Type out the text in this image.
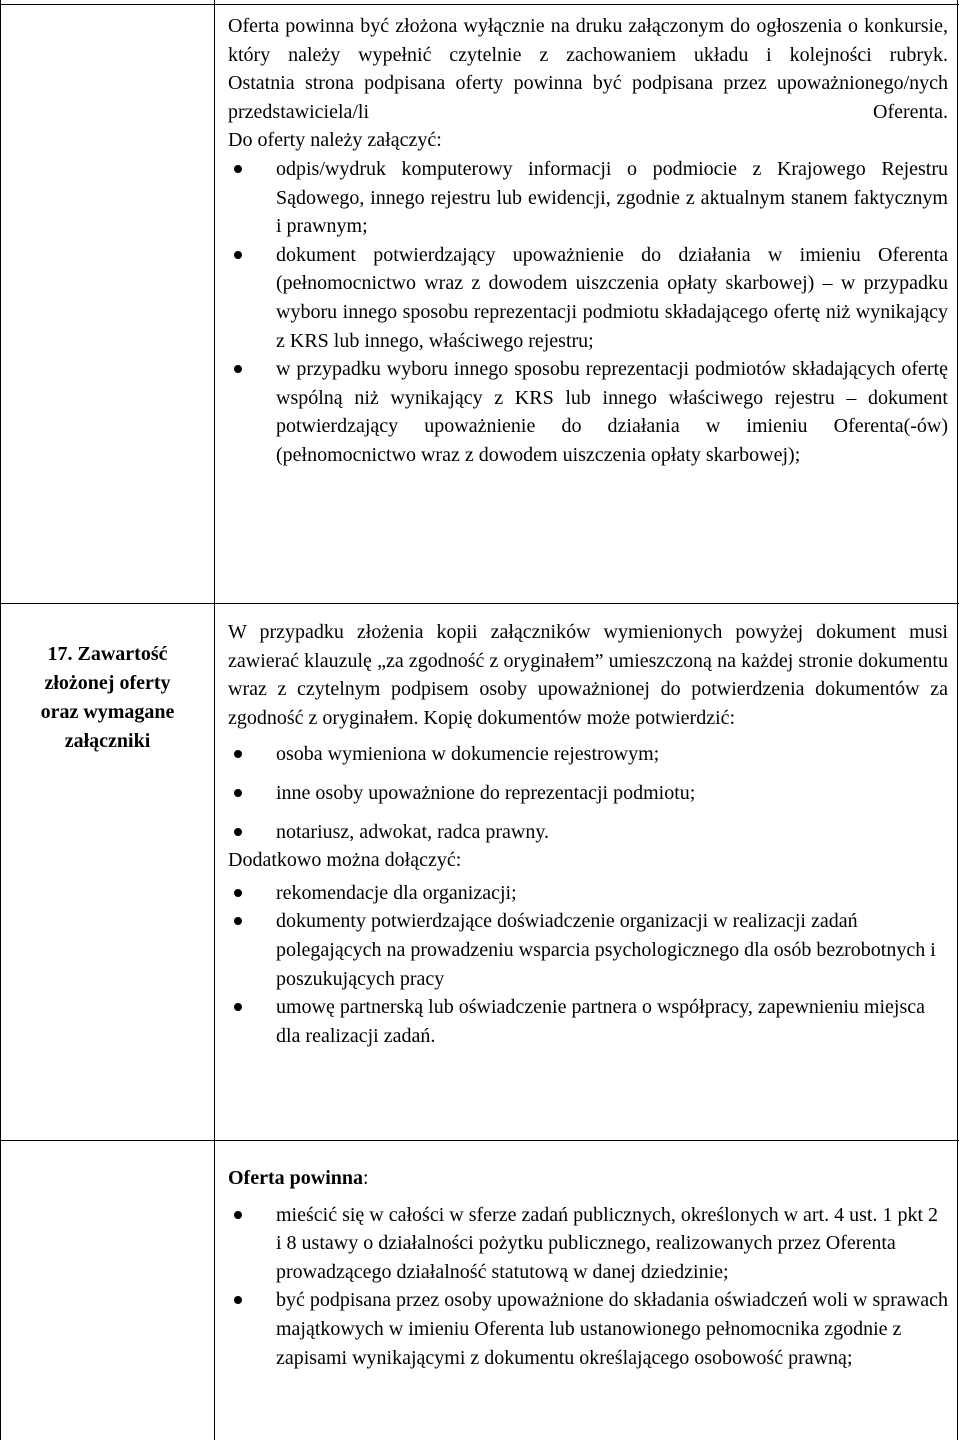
Oferta powinna być złożona wyłącznie na druku załączonym do ogłoszenia o konkursie, który należy wypełnić czytelnie z zachowaniem układu i kolejności rubryk.

Ostatnia strona podpisana oferty powinna być podpisana przez upoważnionego/nych przedstawiciela/li Oferenta.

Do oferty należy załączyć:

odpis/wydruk komputerowy informacji o podmiocie z Krajowego Rejestru Sądowego, innego rejestru lub ewidencji, zgodnie z aktualnym stanem faktycznym i prawnym;
dokument potwierdzający upoważnienie do działania w imieniu Oferenta (pełnomocnictwo wraz z dowodem uiszczenia opłaty skarbowej) – w przypadku wyboru innego sposobu reprezentacji podmiotu składającego ofertę niż wynikający z KRS lub innego, właściwego rejestru;
w przypadku wyboru innego sposobu reprezentacji podmiotów składających ofertę wspólną niż wynikający z KRS lub innego właściwego rejestru – dokument potwierdzający upoważnienie do działania w imieniu Oferenta(-ów) (pełnomocnictwo wraz z dowodem uiszczenia opłaty skarbowej);
17. Zawartość
złożonej oferty
oraz wymagane
załączniki

W przypadku złożenia kopii załączników wymienionych powyżej dokument musi zawierać klauzulę „za zgodność z oryginałem” umieszczoną na każdej stronie dokumentu wraz z czytelnym podpisem osoby upoważnionej do potwierdzenia dokumentów za zgodność z oryginałem. Kopię dokumentów może potwierdzić:

osoba wymieniona w dokumencie rejestrowym;
inne osoby upoważnione do reprezentacji podmiotu;
notariusz, adwokat, radca prawny.

Dodatkowo można dołączyć:

rekomendacje dla organizacji;
dokumenty potwierdzające doświadczenie organizacji w realizacji zadań polegających na prowadzeniu wsparcia psychologicznego dla osób bezrobotnych i poszukujących pracy
umowę partnerską lub oświadczenie partnera o współpracy, zapewnieniu miejsca dla realizacji zadań.

Oferta powinna:

mieścić się w całości w sferze zadań publicznych, określonych w art. 4 ust. 1 pkt 2 i 8 ustawy o działalności pożytku publicznego, realizowanych przez Oferenta prowadzącego działalność statutową w danej dziedzinie;
być podpisana przez osoby upoważnione do składania oświadczeń woli w sprawach majątkowych w imieniu Oferenta lub ustanowionego pełnomocnika zgodnie z zapisami wynikającymi z dokumentu określającego osobowość prawną;
